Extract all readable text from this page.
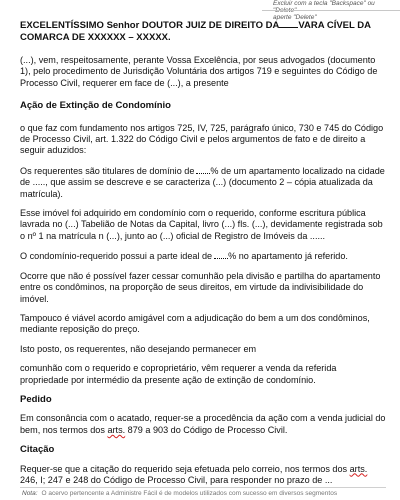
Excluir com a tecla "Backspace" ou
aperte "Delete"

EXCELENTÍSSIMO Senhor DOUTOR JUIZ DE DIREITO DA VARA CÍVEL DA
COMARCA DE XXXXXX – XXXXX.

(...), vem, respeitosamente, perante Vossa Excelência, por seus advogados (documento 1), pelo procedimento de Jurisdição Voluntária dos artigos 719 e seguintes do Código de Processo Civil, requerer em face de (...), a presente

Ação de Extinção de Condomínio

o que faz com fundamento nos artigos 725, IV, 725, parágrafo único, 730 e 745 do Código de Processo Civil, art. 1.322 do Código Civil e pelos argumentos de fato e de direito a seguir aduzidos:

Os requerentes são titulares de domínio de % de um apartamento localizado na cidade de ....., que assim se descreve e se caracteriza (...) (documento 2 – cópia atualizada da matrícula).

Esse imóvel foi adquirido em condomínio com o requerido, conforme escritura pública lavrada no (...) Tabelião de Notas da Capital, livro (...) fls. (...), devidamente registrada sob o nº 1 na matrícula n (...), junto ao (...) oficial de Registro de Imóveis da ......

O condomínio-requerido possui a parte ideal de % no apartamento já referido.

Ocorre que não é possível fazer cessar comunhão pela divisão e partilha do apartamento entre os condôminos, na proporção de seus direitos, em virtude da indivisibilidade do imóvel.

Tampouco é viável acordo amigável com a adjudicação do bem a um dos condôminos, mediante reposição do preço.

Isto posto, os requerentes, não desejando permanecer em

comunhão com o requerido e coproprietário, vêm requerer a venda da referida propriedade por intermédio da presente ação de extinção de condomínio.

Pedido

Em consonância com o acatado, requer-se a procedência da ação com a venda judicial do bem, nos termos dos arts. 879 a 903 do Código de Processo Civil.

Citação

Requer-se que a citação do requerido seja efetuada pelo correio, nos termos dos arts. 246, I; 247 e 248 do Código de Processo Civil, para responder no prazo de ...

Nota: O acervo pertencente a Administre Fácil é de modelos utilizados com sucesso em diversos segmentos
